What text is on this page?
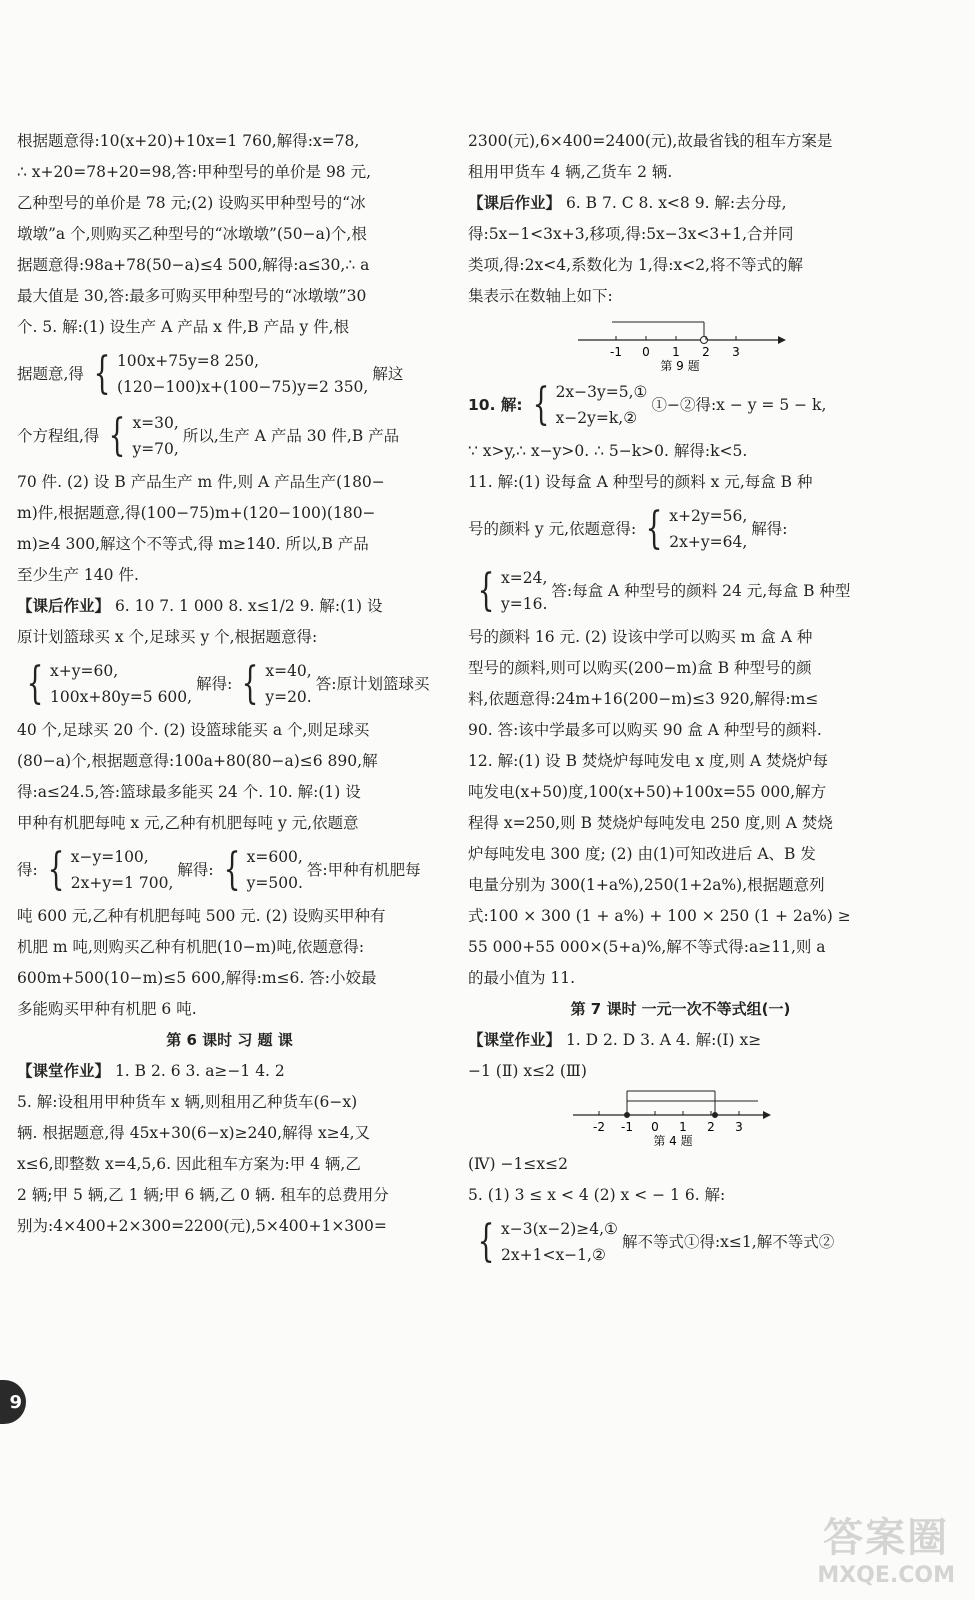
根据题意得:10(x+20)+10x=1 760,解得:x=78,
∴ x+20=78+20=98,答:甲种型号的单价是 98 元,
乙种型号的单价是 78 元;(2) 设购买甲种型号的“冰
墩墩”a 个,则购买乙种型号的“冰墩墩”(50−a)个,根
据题意得:98a+78(50−a)≤4 500,解得:a≤30,∴ a
最大值是 30,答:最多可购买甲种型号的“冰墩墩”30
个. 5. 解:(1) 设生产 A 产品 x 件,B 产品 y 件,根
据题意,得 { 100x+75y=8 250,
(120−100)x+(100−75)y=2 350,
解这
个方程组,得 { x=30,
y=70,
所以,生产 A 产品 30 件,B 产品
70 件. (2) 设 B 产品生产 m 件,则 A 产品生产(180−
m)件,根据题意,得(100−75)m+(120−100)(180−
m)≥4 300,解这个不等式,得 m≥140. 所以,B 产品
至少生产 140 件.
【课后作业】 6. 10 7. 1 000 8. x≤1/2 9. 解:(1) 设
原计划篮球买 x 个,足球买 y 个,根据题意得:
{ x+y=60,
100x+80y=5 600,
解得: { x=40,
y=20.
答:原计划篮球买
40 个,足球买 20 个. (2) 设篮球能买 a 个,则足球买
(80−a)个,根据题意得:100a+80(80−a)≤6 890,解
得:a≤24.5,答:篮球最多能买 24 个. 10. 解:(1) 设
甲种有机肥每吨 x 元,乙种有机肥每吨 y 元,依题意
得: { x−y=100,
2x+y=1 700,
解得: { x=600,
y=500.
答:甲种有机肥每
吨 600 元,乙种有机肥每吨 500 元. (2) 设购买甲种有
机肥 m 吨,则购买乙种有机肥(10−m)吨,依题意得:
600m+500(10−m)≤5 600,解得:m≤6. 答:小姣最
多能购买甲种有机肥 6 吨.
第 6 课时 习 题 课
【课堂作业】 1. B 2. 6 3. a≥−1 4. 2
5. 解:设租用甲种货车 x 辆,则租用乙种货车(6−x)
辆. 根据题意,得 45x+30(6−x)≥240,解得 x≥4,又
x≤6,即整数 x=4,5,6. 因此租车方案为:甲 4 辆,乙
2 辆;甲 5 辆,乙 1 辆;甲 6 辆,乙 0 辆. 租车的总费用分
别为:4×400+2×300=2200(元),5×400+1×300=
2300(元),6×400=2400(元),故最省钱的租车方案是
租用甲货车 4 辆,乙货车 2 辆.
【课后作业】 6. B 7. C 8. x<8 9. 解:去分母,
得:5x−1<3x+3,移项,得:5x−3x<3+1,合并同
类项,得:2x<4,系数化为 1,得:x<2,将不等式的解
集表示在数轴上如下:
-1 0 1 2 3
第 9 题
10. 解: { 2x−3y=5,①
x−2y=k,②
①−②得:x − y = 5 − k,
∵ x>y,∴ x−y>0. ∴ 5−k>0. 解得:k<5.
11. 解:(1) 设每盒 A 种型号的颜料 x 元,每盒 B 种
号的颜料 y 元,依题意得: { x+2y=56,
2x+y=64,
解得:
{ x=24,
y=16.
答:每盒 A 种型号的颜料 24 元,每盒 B 种型
号的颜料 16 元. (2) 设该中学可以购买 m 盒 A 种
型号的颜料,则可以购买(200−m)盒 B 种型号的颜
料,依题意得:24m+16(200−m)≤3 920,解得:m≤
90. 答:该中学最多可以购买 90 盒 A 种型号的颜料.
12. 解:(1) 设 B 焚烧炉每吨发电 x 度,则 A 焚烧炉每
吨发电(x+50)度,100(x+50)+100x=55 000,解方
程得 x=250,则 B 焚烧炉每吨发电 250 度,则 A 焚烧
炉每吨发电 300 度; (2) 由(1)可知改进后 A、B 发
电量分别为 300(1+a%),250(1+2a%),根据题意列
式:100 × 300 (1 + a%) + 100 × 250 (1 + 2a%) ≥
55 000+55 000×(5+a)%,解不等式得:a≥11,则 a
的最小值为 11.
第 7 课时 一元一次不等式组(一)
【课堂作业】 1. D 2. D 3. A 4. 解:(Ⅰ) x≥
−1 (Ⅱ) x≤2 (Ⅲ)
-2 -1 0 1 2 3
第 4 题
(Ⅳ) −1≤x≤2
5. (1) 3 ≤ x < 4 (2) x < − 1 6. 解:
{ x−3(x−2)≥4,①
2x+1<x−1,②
解不等式①得:x≤1,解不等式②
9
答案圈
MXQE.COM
